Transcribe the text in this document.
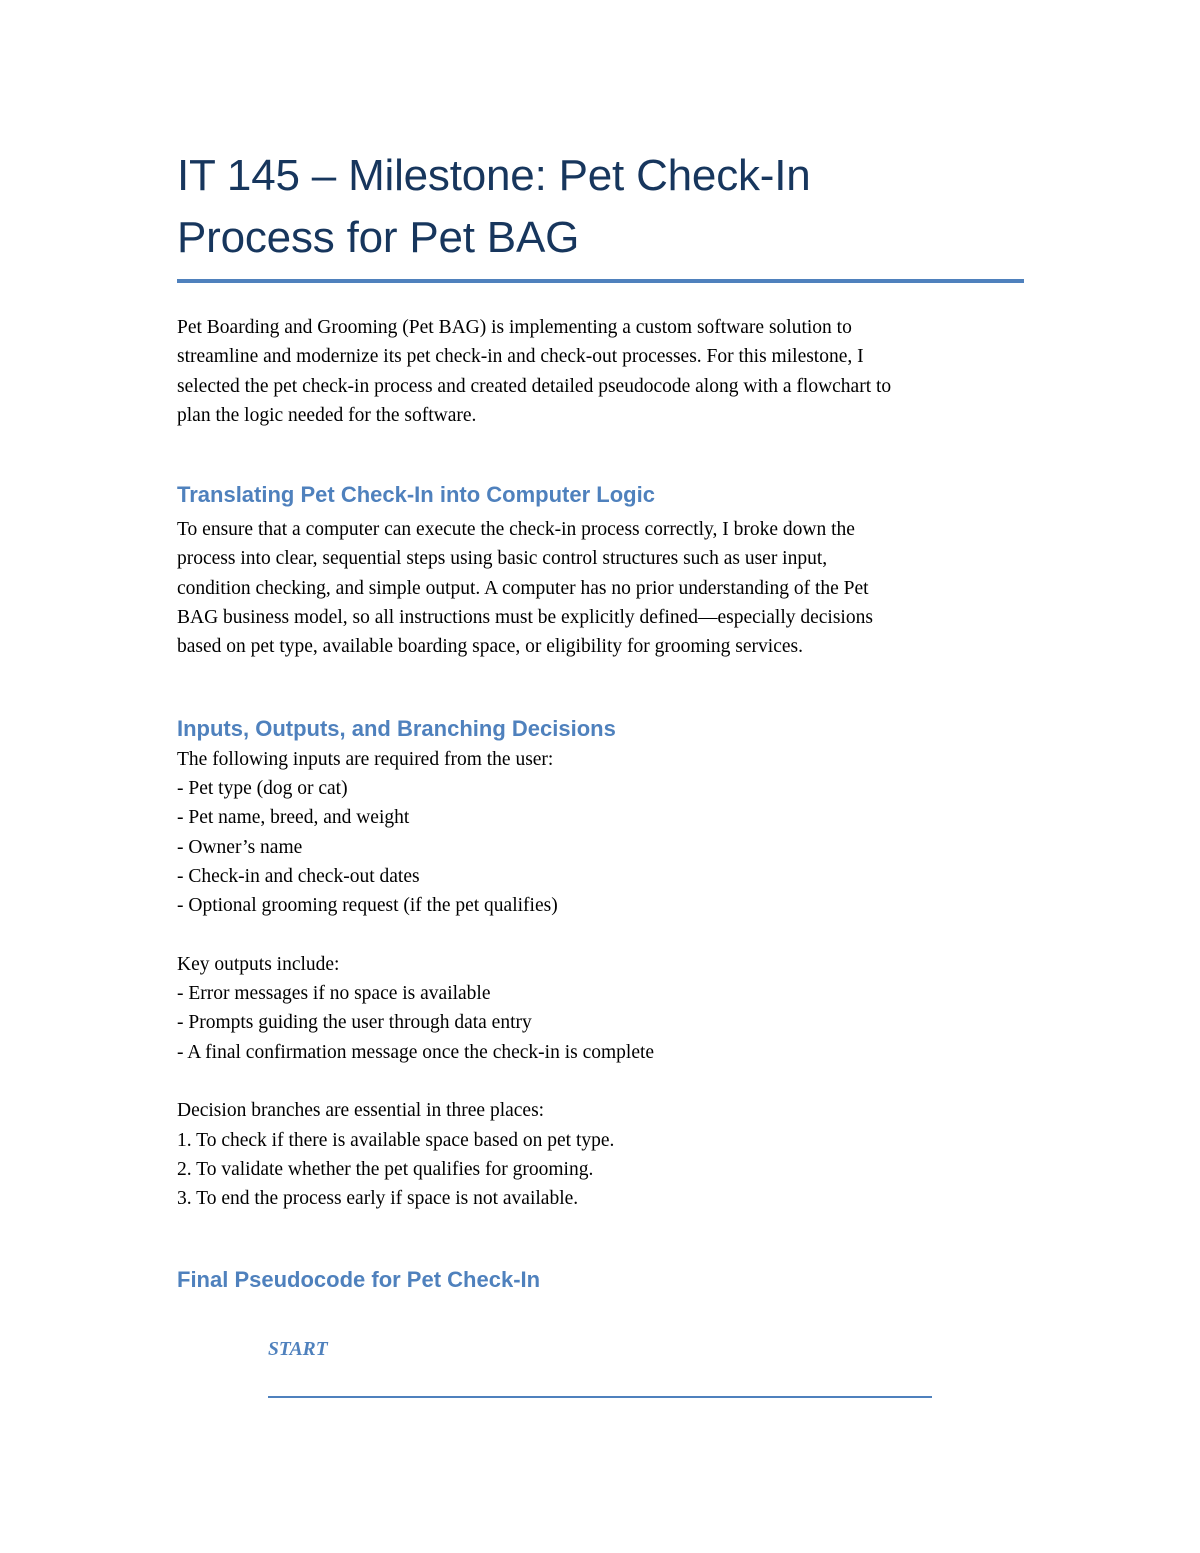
IT 145 – Milestone: Pet Check-In
Process for Pet BAG

Pet Boarding and Grooming (Pet BAG) is implementing a custom software solution to
streamline and modernize its pet check-in and check-out processes. For this milestone, I
selected the pet check-in process and created detailed pseudocode along with a flowchart to
plan the logic needed for the software.

Translating Pet Check-In into Computer Logic

To ensure that a computer can execute the check-in process correctly, I broke down the
process into clear, sequential steps using basic control structures such as user input,
condition checking, and simple output. A computer has no prior understanding of the Pet
BAG business model, so all instructions must be explicitly defined—especially decisions
based on pet type, available boarding space, or eligibility for grooming services.

Inputs, Outputs, and Branching Decisions
The following inputs are required from the user:
- Pet type (dog or cat)
- Pet name, breed, and weight
- Owner’s name
- Check-in and check-out dates
- Optional grooming request (if the pet qualifies)
Key outputs include:
- Error messages if no space is available
- Prompts guiding the user through data entry
- A final confirmation message once the check-in is complete
Decision branches are essential in three places:
1. To check if there is available space based on pet type.
2. To validate whether the pet qualifies for grooming.
3. To end the process early if space is not available.
Final Pseudocode for Pet Check-In
START
